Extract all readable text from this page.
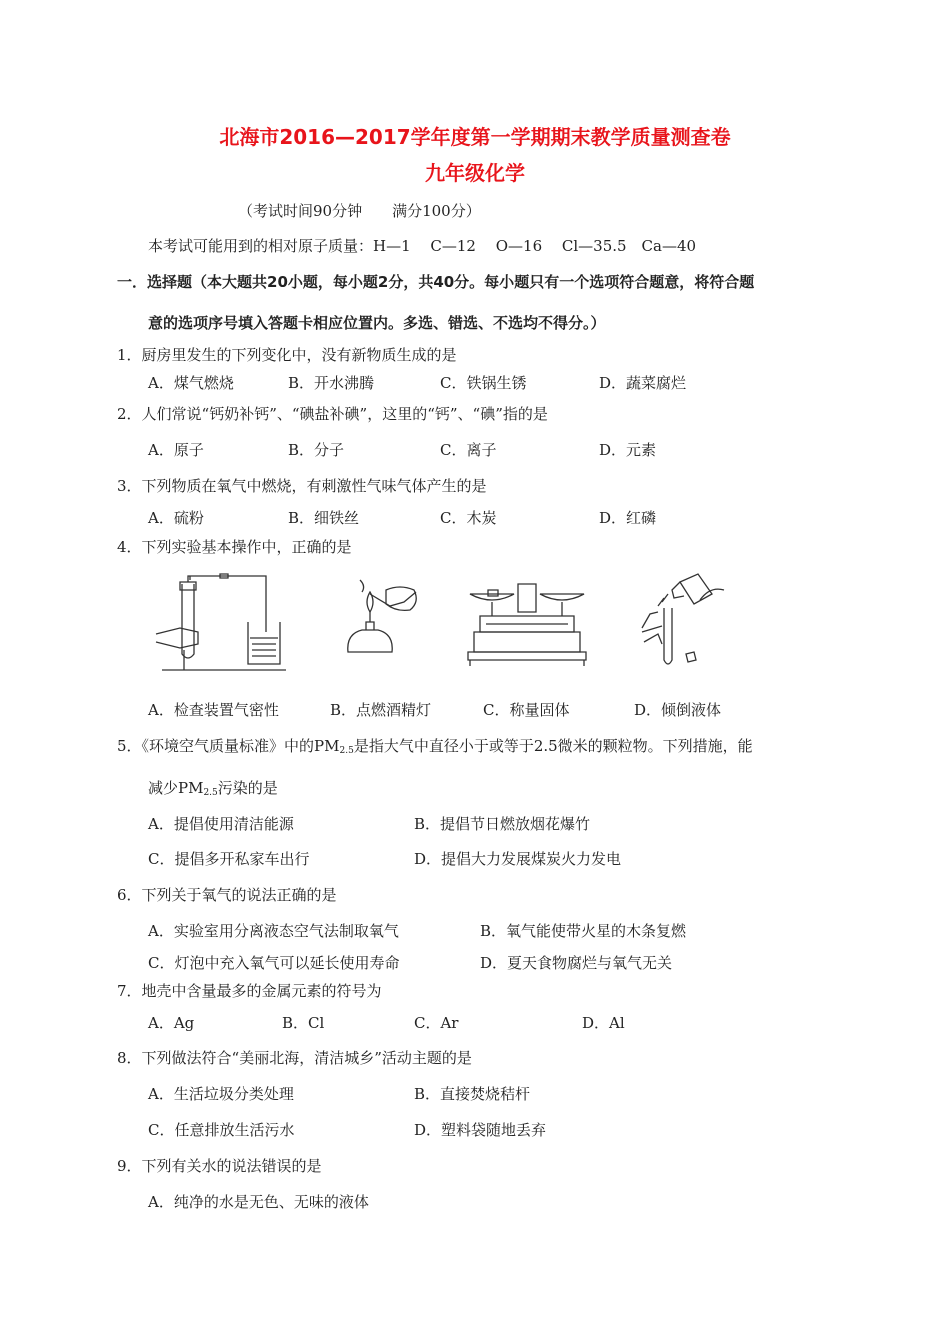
北海市2016—2017学年度第一学期期末教学质量测查卷
九年级化学
（考试时间90分钟　　满分100分）
本考试可能用到的相对原子质量：H—1　 C—12　 O—16　 Cl—35.5　Ca—40
一．选择题（本大题共20小题，每小题2分，共40分。每小题只有一个选项符合题意，将符合题
意的选项序号填入答题卡相应位置内。多选、错选、不选均不得分。）
1．厨房里发生的下列变化中，没有新物质生成的是
A．煤气燃烧	B．开水沸腾	C．铁锅生锈	D．蔬菜腐烂
2．人们常说“钙奶补钙”、“碘盐补碘”，这里的“钙”、“碘”指的是
A．原子	B．分子	C．离子	D．元素
3．下列物质在氧气中燃烧，有刺激性气味气体产生的是
A．硫粉	B．细铁丝	C．木炭	D．红磷
4．下列实验基本操作中，正确的是
A．检查装置气密性	B．点燃酒精灯	C．称量固体	D．倾倒液体
5．《环境空气质量标准》中的$PM_{2.5}$是指大气中直径小于或等于2.5微米的颗粒物。下列措施，能
减少$PM_{2.5}$污染的是
A．提倡使用清洁能源	B．提倡节日燃放烟花爆竹
C．提倡多开私家车出行	D．提倡大力发展煤炭火力发电
6．下列关于氧气的说法正确的是
A．实验室用分离液态空气法制取氧气	B．氧气能使带火星的木条复燃
C．灯泡中充入氧气可以延长使用寿命	D．夏天食物腐烂与氧气无关
7．地壳中含量最多的金属元素的符号为
A．Ag	B．Cl	C．Ar	D．Al
8．下列做法符合“美丽北海，清洁城乡”活动主题的是
A．生活垃圾分类处理	B．直接焚烧秸杆
C．任意排放生活污水	D．塑料袋随地丢弃
9．下列有关水的说法错误的是
A．纯净的水是无色、无味的液体
